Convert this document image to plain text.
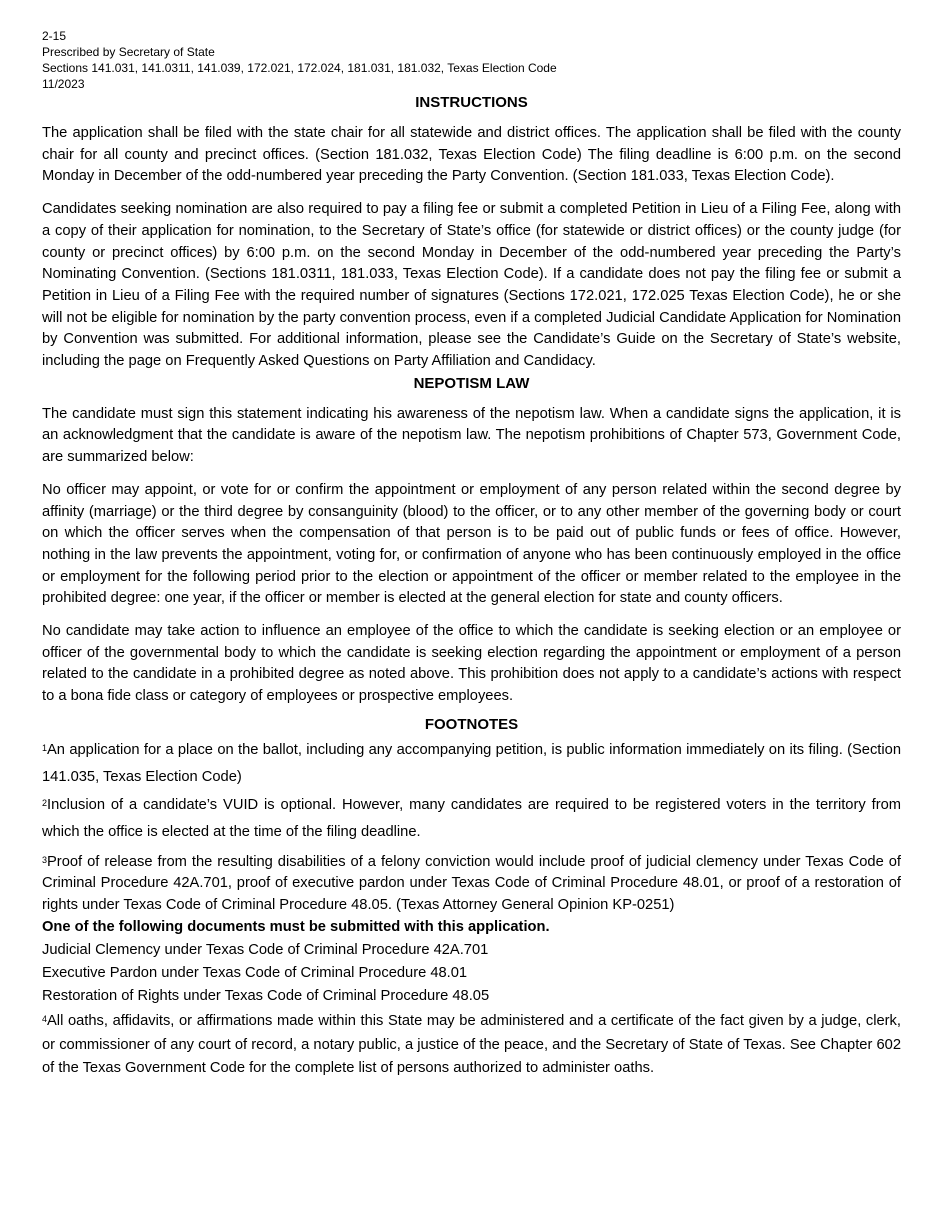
2-15
Prescribed by Secretary of State
Sections 141.031, 141.0311, 141.039, 172.021, 172.024, 181.031, 181.032, Texas Election Code
11/2023
INSTRUCTIONS

The application shall be filed with the state chair for all statewide and district offices. The application shall be filed with the county chair for all county and precinct offices. (Section 181.032, Texas Election Code) The filing deadline is 6:00 p.m. on the second Monday in December of the odd-numbered year preceding the Party Convention. (Section 181.033, Texas Election Code).

Candidates seeking nomination are also required to pay a filing fee or submit a completed Petition in Lieu of a Filing Fee, along with a copy of their application for nomination, to the Secretary of State’s office (for statewide or district offices) or the county judge (for county or precinct offices) by 6:00 p.m. on the second Monday in December of the odd-numbered year preceding the Party’s Nominating Convention. (Sections 181.0311, 181.033, Texas Election Code). If a candidate does not pay the filing fee or submit a Petition in Lieu of a Filing Fee with the required number of signatures (Sections 172.021, 172.025 Texas Election Code), he or she will not be eligible for nomination by the party convention process, even if a completed Judicial Candidate Application for Nomination by Convention was submitted. For additional information, please see the Candidate’s Guide on the Secretary of State’s website, including the page on Frequently Asked Questions on Party Affiliation and Candidacy.

NEPOTISM LAW

The candidate must sign this statement indicating his awareness of the nepotism law. When a candidate signs the application, it is an acknowledgment that the candidate is aware of the nepotism law. The nepotism prohibitions of Chapter 573, Government Code, are summarized below:

No officer may appoint, or vote for or confirm the appointment or employment of any person related within the second degree by affinity (marriage) or the third degree by consanguinity (blood) to the officer, or to any other member of the governing body or court on which the officer serves when the compensation of that person is to be paid out of public funds or fees of office. However, nothing in the law prevents the appointment, voting for, or confirmation of anyone who has been continuously employed in the office or employment for the following period prior to the election or appointment of the officer or member related to the employee in the prohibited degree: one year, if the officer or member is elected at the general election for state and county officers.

No candidate may take action to influence an employee of the office to which the candidate is seeking election or an employee or officer of the governmental body to which the candidate is seeking election regarding the appointment or employment of a person related to the candidate in a prohibited degree as noted above. This prohibition does not apply to a candidate’s actions with respect to a bona fide class or category of employees or prospective employees.

FOOTNOTES

$^1$An application for a place on the ballot, including any accompanying petition, is public information immediately on its filing. (Section 141.035, Texas Election Code)

$^2$Inclusion of a candidate’s VUID is optional. However, many candidates are required to be registered voters in the territory from which the office is elected at the time of the filing deadline.

$^3$Proof of release from the resulting disabilities of a felony conviction would include proof of judicial clemency under Texas Code of Criminal Procedure 42A.701, proof of executive pardon under Texas Code of Criminal Procedure 48.01, or proof of a restoration of rights under Texas Code of Criminal Procedure 48.05. (Texas Attorney General Opinion KP-0251)

One of the following documents must be submitted with this application.

Judicial Clemency under Texas Code of Criminal Procedure 42A.701

Executive Pardon under Texas Code of Criminal Procedure 48.01

Restoration of Rights under Texas Code of Criminal Procedure 48.05

$^4$All oaths, affidavits, or affirmations made within this State may be administered and a certificate of the fact given by a judge, clerk, or commissioner of any court of record, a notary public, a justice of the peace, and the Secretary of State of Texas. See Chapter 602 of the Texas Government Code for the complete list of persons authorized to administer oaths.
